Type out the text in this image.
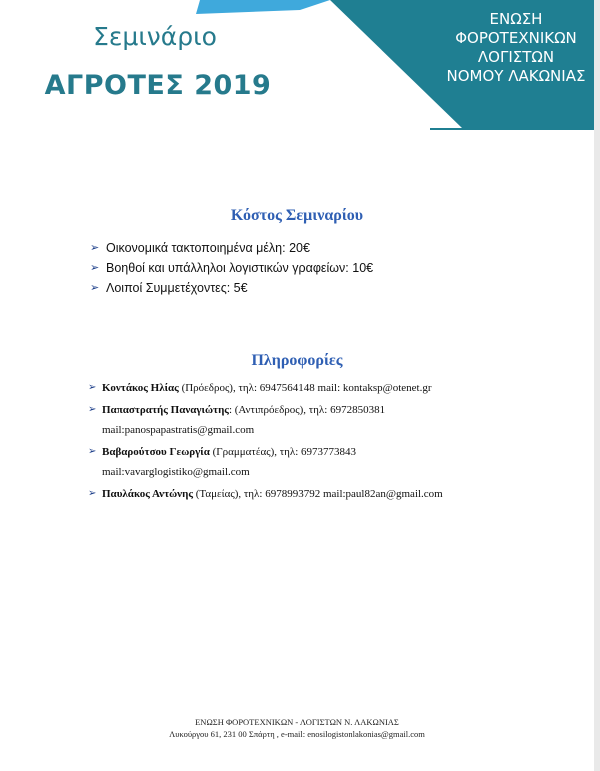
Σεμινάριο
ΑΓΡΟΤΕΣ 2019
ΕΝΩΣΗ
ΦΟΡΟΤΕΧΝΙΚΩΝ
ΛΟΓΙΣΤΩΝ
ΝΟΜΟΥ ΛΑΚΩΝΙΑΣ
Κόστος Σεμιναρίου
➢ Οικονομικά τακτοποιημένα μέλη: 20€
➢ Βοηθοί και υπάλληλοι λογιστικών γραφείων: 10€
➢ Λοιποί Συμμετέχοντες: 5€
Πληροφορίες
➢ Κοντάκος Ηλίας (Πρόεδρος), τηλ: 6947564148 mail: kontaksp@otenet.gr
➢ Παπαστρατής Παναγιώτης: (Αντιπρόεδρος), τηλ: 6972850381
mail:panospapastratis@gmail.com
➢ Βαβαρούτσου Γεωργία (Γραμματέας), τηλ: 6973773843
mail:vavarglogistiko@gmail.com
➢ Παυλάκος Αντώνης (Ταμείας), τηλ: 6978993792 mail:paul82an@gmail.com
ΕΝΩΣΗ ΦΟΡΟΤΕΧΝΙΚΩΝ - ΛΟΓΙΣΤΩΝ Ν. ΛΑΚΩΝΙΑΣ
Λυκούργου 61, 231 00 Σπάρτη , e-mail: enosilogistonlakonias@gmail.com
